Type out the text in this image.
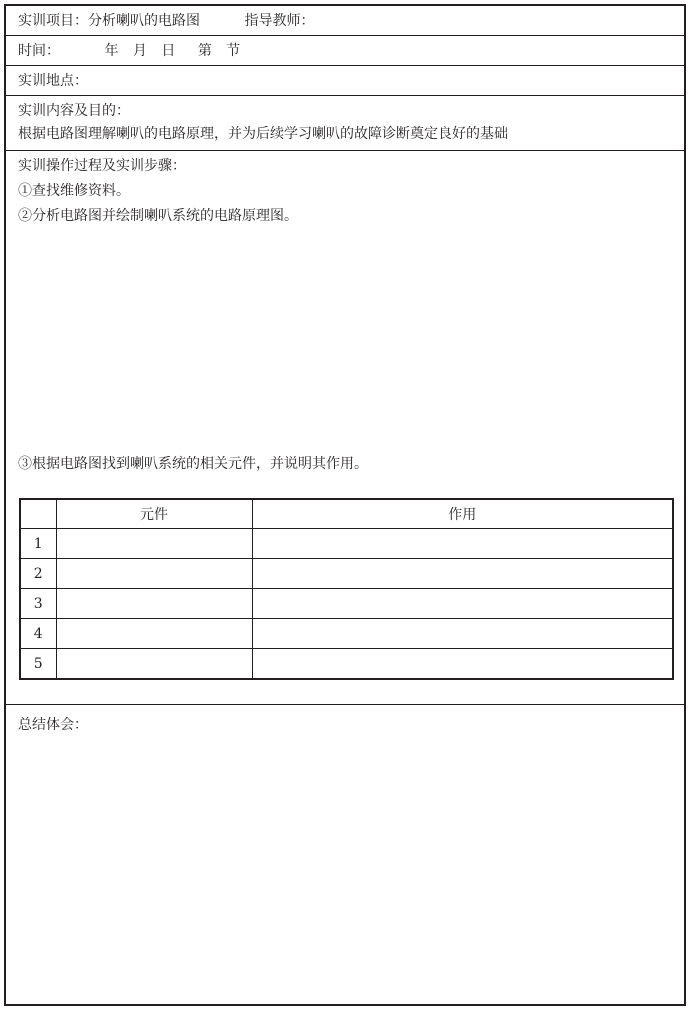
实训项目：分析喇叭的电路图	指导教师：
时间：	年 月 日 第 节
实训地点：
实训内容及目的：
根据电路图理解喇叭的电路原理，并为后续学习喇叭的故障诊断奠定良好的基础
实训操作过程及实训步骤：
①查找维修资料。
②分析电路图并绘制喇叭系统的电路原理图。
③根据电路图找到喇叭系统的相关元件，并说明其作用。
	元件	作用
1		
2		
3		
4		
5		
总结体会：
